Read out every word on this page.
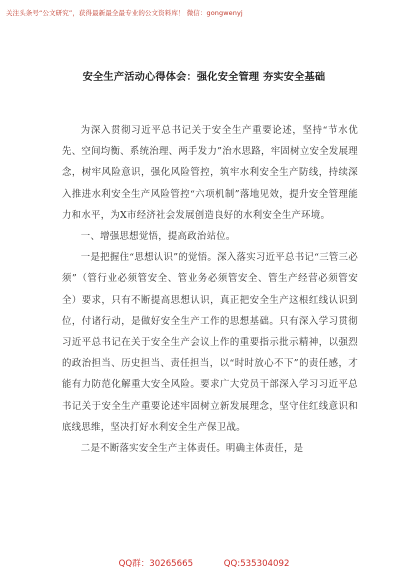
关注头条号“公文研究”，获得最新最全最专业的公文资料库！ 微信：gongwenyj
安全生产活动心得体会：强化安全管理 夯实安全基础

为深入贯彻习近平总书记关于安全生产重要论述，坚持“节水优先、空间均衡、系统治理、两手发力”治水思路，牢固树立安全发展理念，树牢风险意识，强化风险管控，筑牢水利安全生产防线，持续深入推进水利安全生产风险管控“六项机制”落地见效，提升安全管理能力和水平，为X市经济社会发展创造良好的水利安全生产环境。

一、增强思想觉悟，提高政治站位。

一是把握住“思想认识”的觉悟。深入落实习近平总书记“三管三必须”（管行业必须管安全、管业务必须管安全、管生产经营必须管安全）要求，只有不断提高思想认识，真正把安全生产这根红线认识到位，付诸行动，是做好安全生产工作的思想基础。只有深入学习贯彻习近平总书记在关于安全生产会议上作的重要指示批示精神，以强烈的政治担当、历史担当、责任担当，以“时时放心不下”的责任感，才能有力防范化解重大安全风险。要求广大党员干部深入学习习近平总书记关于安全生产重要论述牢固树立新发展理念，坚守住红线意识和底线思维，坚决打好水利安全生产保卫战。

二是不断落实安全生产主体责任。明确主体责任，是

QQ群：30265665	QQ:535304092
